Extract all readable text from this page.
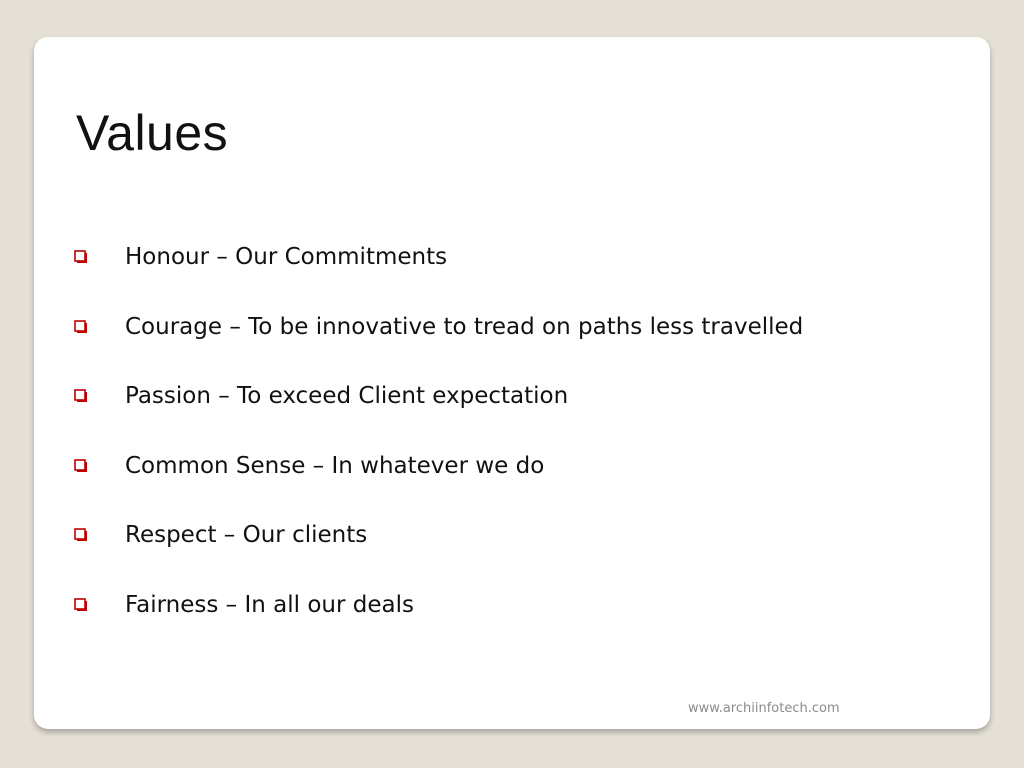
Values
Honour – Our Commitments
Courage – To be innovative to tread on paths less travelled
Passion – To exceed Client expectation
Common Sense – In whatever we do
Respect – Our clients
Fairness – In all our deals
www.archiinfotech.com
